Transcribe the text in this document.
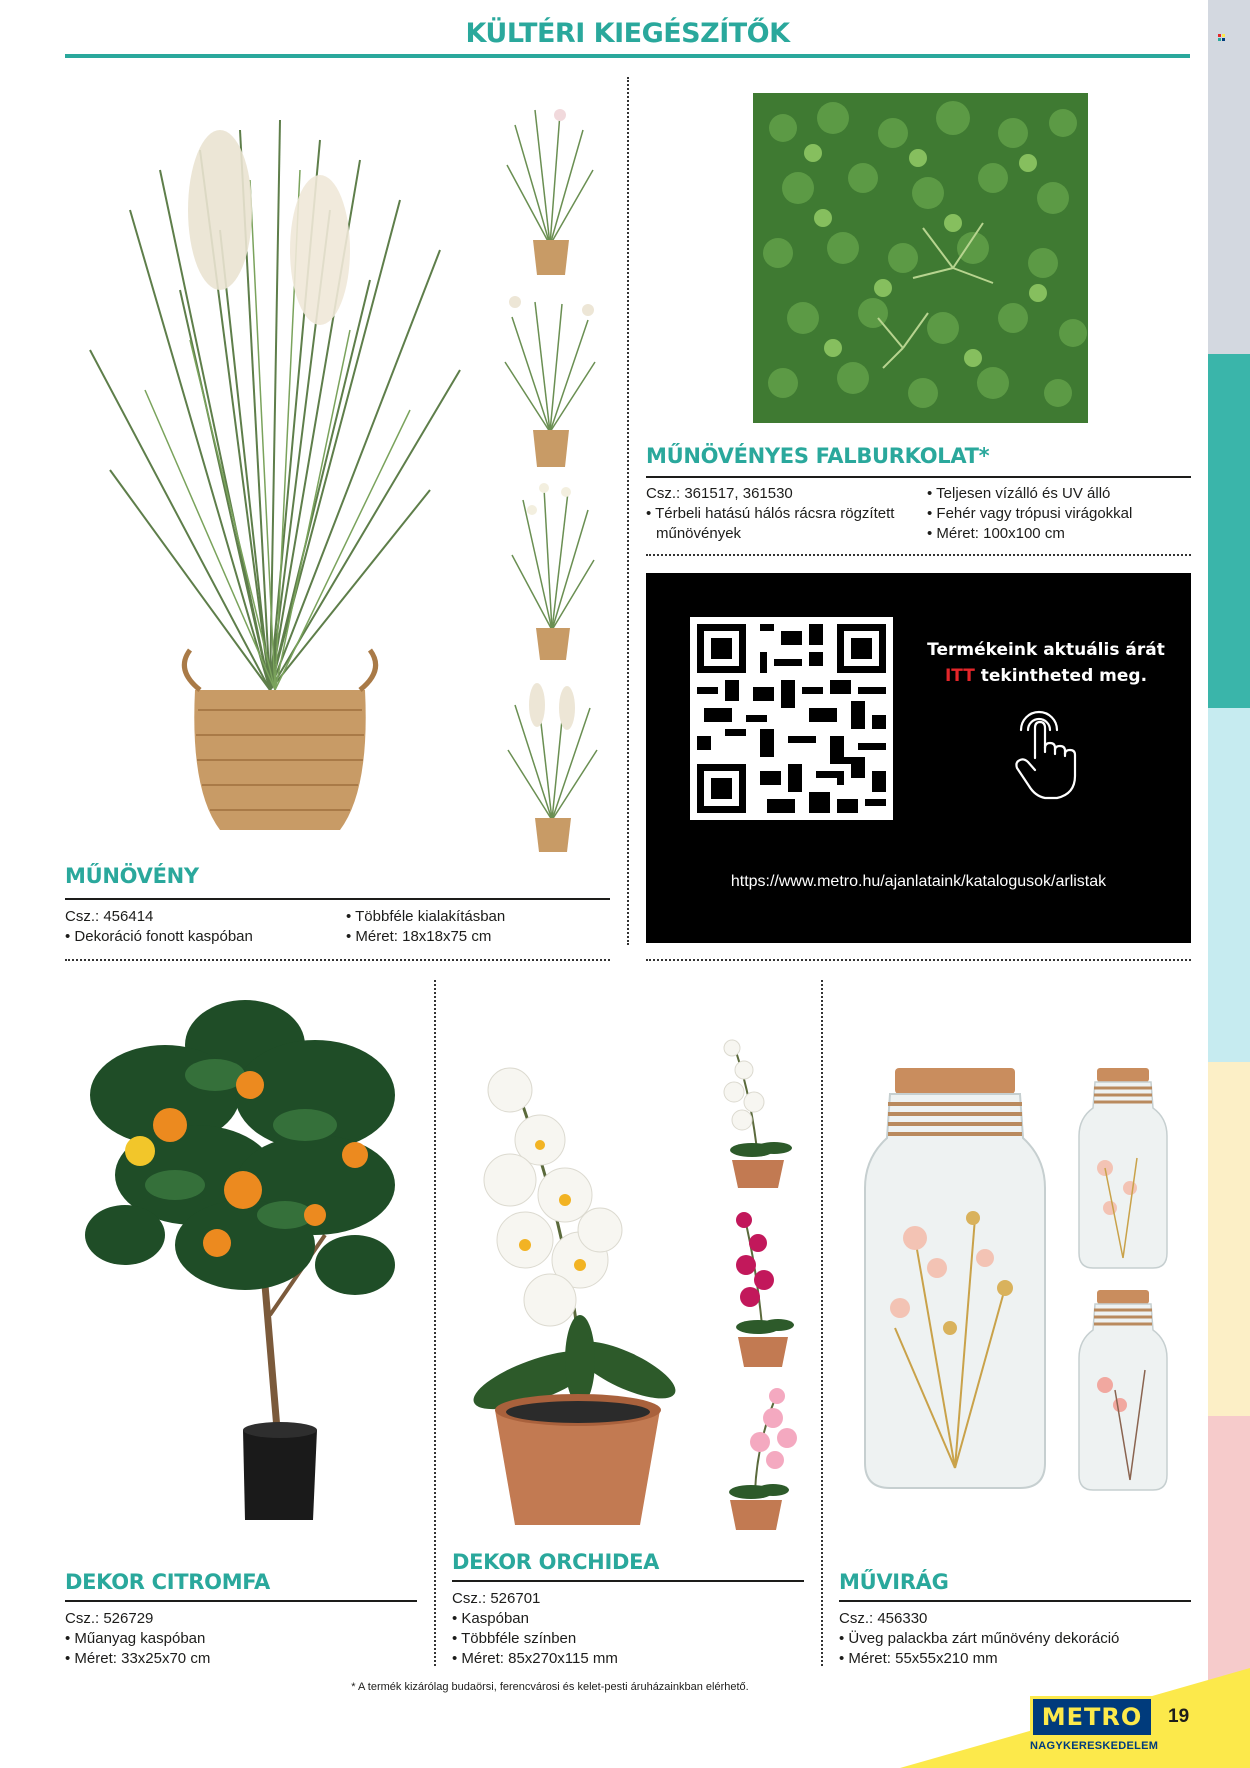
KÜLTÉRI KIEGÉSZÍTŐK
MŰNÖVÉNY
Csz.: 456414
• Dekoráció fonott kaspóban
• Többféle kialakításban
• Méret: 18x18x75 cm
MŰNÖVÉNYES FALBURKOLAT*
Csz.: 361517, 361530
• Térbeli hatású hálós rácsra rögzített
műnövények
• Teljesen vízálló és UV álló
• Fehér vagy trópusi virágokkal
• Méret: 100x100 cm
Termékeink aktuális árát
ITT tekintheted meg.
https://www.metro.hu/ajanlataink/katalogusok/arlistak
DEKOR CITROMFA
Csz.: 526729
• Műanyag kaspóban
• Méret: 33x25x70 cm
DEKOR ORCHIDEA
Csz.: 526701
• Kaspóban
• Többféle színben
• Méret: 85x270x115 mm
MŰVIRÁG
Csz.: 456330
• Üveg palackba zárt műnövény dekoráció
• Méret: 55x55x210 mm
* A termék kizárólag budaörsi, ferencvárosi és kelet-pesti áruházainkban elérhető.
METRO
NAGYKERESKEDELEM
19
